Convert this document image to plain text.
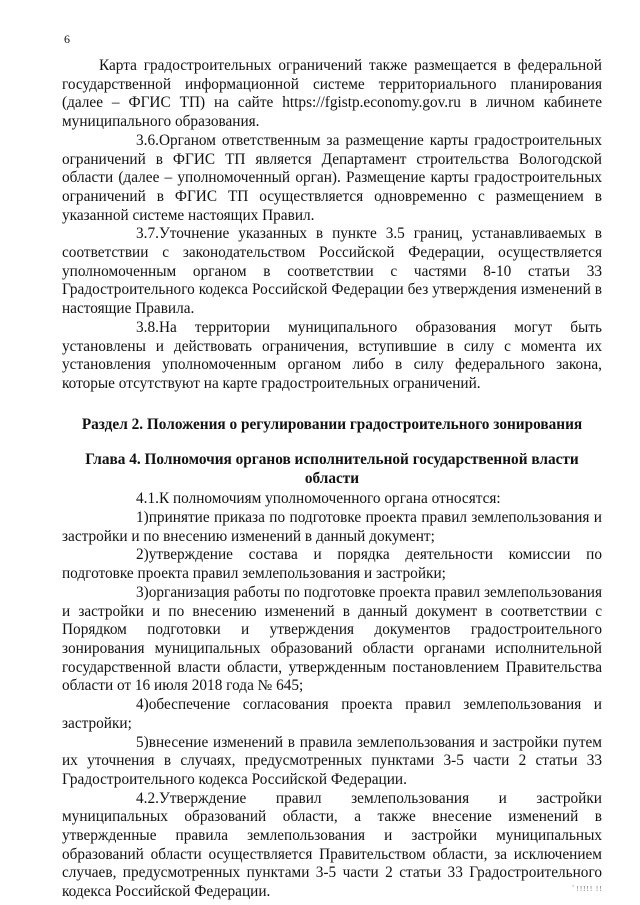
6

Карта градостроительных ограничений также размещается в федеральной государственной информационной системе территориального планирования (далее – ФГИС ТП) на сайте https://fgistp.economy.gov.ru в личном кабинете муниципального образования.

3.6.Органом ответственным за размещение карты градостроительных ограничений в ФГИС ТП является Департамент строительства Вологодской области (далее – уполномоченный орган). Размещение карты градостроительных ограничений в ФГИС ТП осуществляется одновременно с размещением в указанной системе настоящих Правил.

3.7.Уточнение указанных в пункте 3.5 границ, устанавливаемых в соответствии с законодательством Российской Федерации, осуществляется уполномоченным органом в соответствии с частями 8-10 статьи 33 Градостроительного кодекса Российской Федерации без утверждения изменений в настоящие Правила.

3.8.На территории муниципального образования могут быть установлены и действовать ограничения, вступившие в силу с момента их установления уполномоченным органом либо в силу федерального закона, которые отсутствуют на карте градостроительных ограничений.

Раздел 2. Положения о регулировании градостроительного зонирования
Глава 4. Полномочия органов исполнительной государственной власти
области

4.1.К полномочиям уполномоченного органа относятся:

1)принятие приказа по подготовке проекта правил землепользования и застройки и по внесению изменений в данный документ;

2)утверждение состава и порядка деятельности комиссии по подготовке проекта правил землепользования и застройки;

3)организация работы по подготовке проекта правил землепользования и застройки и по внесению изменений в данный документ в соответствии с Порядком подготовки и утверждения документов градостроительного зонирования муниципальных образований области органами исполнительной государственной власти области, утвержденным постановлением Правительства области от 16 июля 2018 года № 645;

4)обеспечение согласования проекта правил землепользования и застройки;

5)внесение изменений в правила землепользования и застройки путем их уточнения в случаях, предусмотренных пунктами 3-5 части 2 статьи 33 Градостроительного кодекса Российской Федерации.

4.2.Утверждение правил землепользования и застройки муниципальных образований области, а также внесение изменений в утвержденные правила землепользования и застройки муниципальных образований области осуществляется Правительством области, за исключением случаев, предусмотренных пунктами 3-5 части 2 статьи 33 Градостроительного кодекса Российской Федерации.	ﾞ!!!!! !!
